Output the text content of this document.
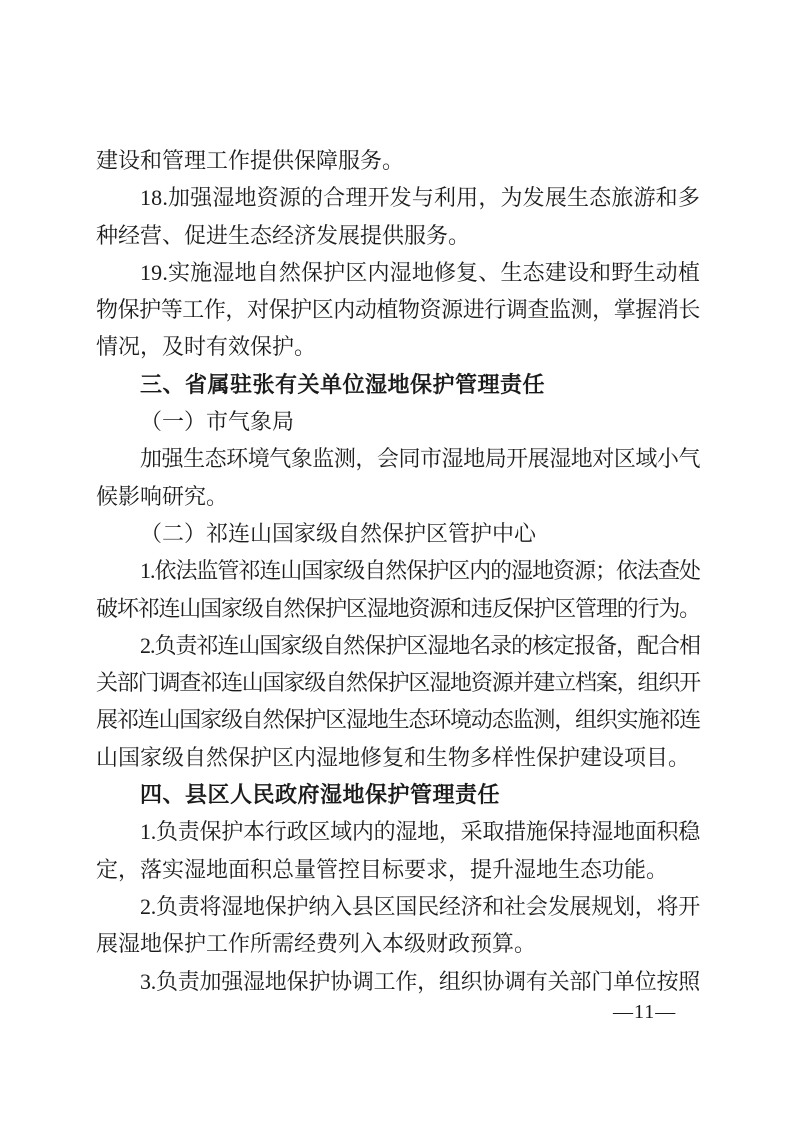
建设和管理工作提供保障服务。
18.加强湿地资源的合理开发与利用，为发展生态旅游和多
种经营、促进生态经济发展提供服务。
19.实施湿地自然保护区内湿地修复、生态建设和野生动植
物保护等工作，对保护区内动植物资源进行调查监测，掌握消长
情况，及时有效保护。
三、省属驻张有关单位湿地保护管理责任
（一）市气象局
加强生态环境气象监测，会同市湿地局开展湿地对区域小气
候影响研究。
（二）祁连山国家级自然保护区管护中心
1.依法监管祁连山国家级自然保护区内的湿地资源；依法查处
破坏祁连山国家级自然保护区湿地资源和违反保护区管理的行为。
2.负责祁连山国家级自然保护区湿地名录的核定报备，配合相
关部门调查祁连山国家级自然保护区湿地资源并建立档案，组织开
展祁连山国家级自然保护区湿地生态环境动态监测，组织实施祁连
山国家级自然保护区内湿地修复和生物多样性保护建设项目。
四、县区人民政府湿地保护管理责任
1.负责保护本行政区域内的湿地，采取措施保持湿地面积稳
定，落实湿地面积总量管控目标要求，提升湿地生态功能。
2.负责将湿地保护纳入县区国民经济和社会发展规划，将开
展湿地保护工作所需经费列入本级财政预算。
3.负责加强湿地保护协调工作，组织协调有关部门单位按照
—11—
